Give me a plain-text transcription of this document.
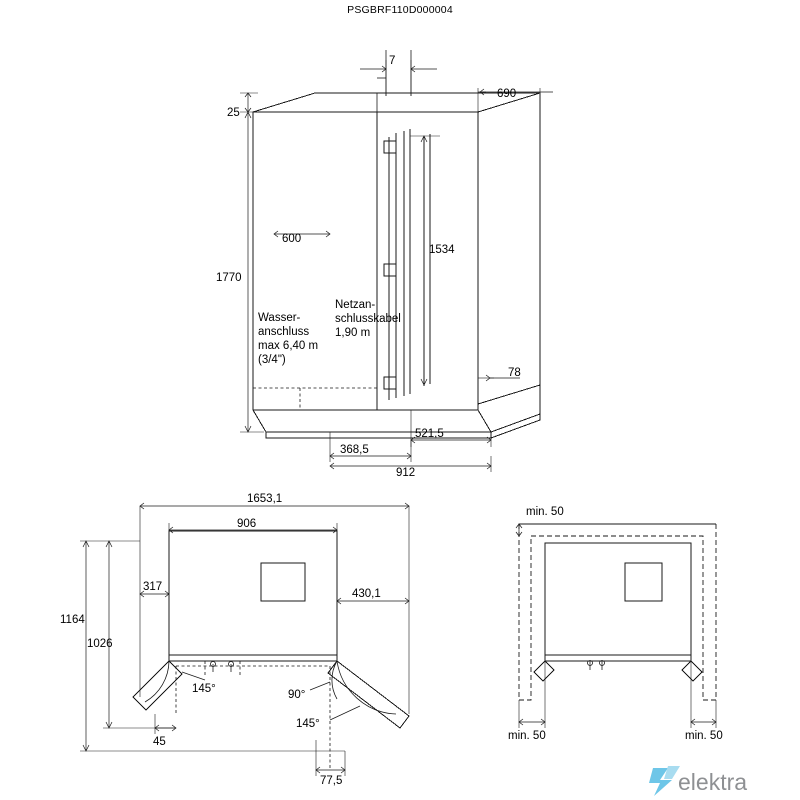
PSGBRF110D000004
7
690
25
1770
600
1534
78
521,5
368,5
912
Wasser-
anschluss
max 6,40 m
(3/4")
Netzan-
schlusskabel
1,90 m
1653,1
906
317
430,1
1164
1026
45
77,5
145°	90°
145°
min. 50
min. 50	min. 50
elektra
